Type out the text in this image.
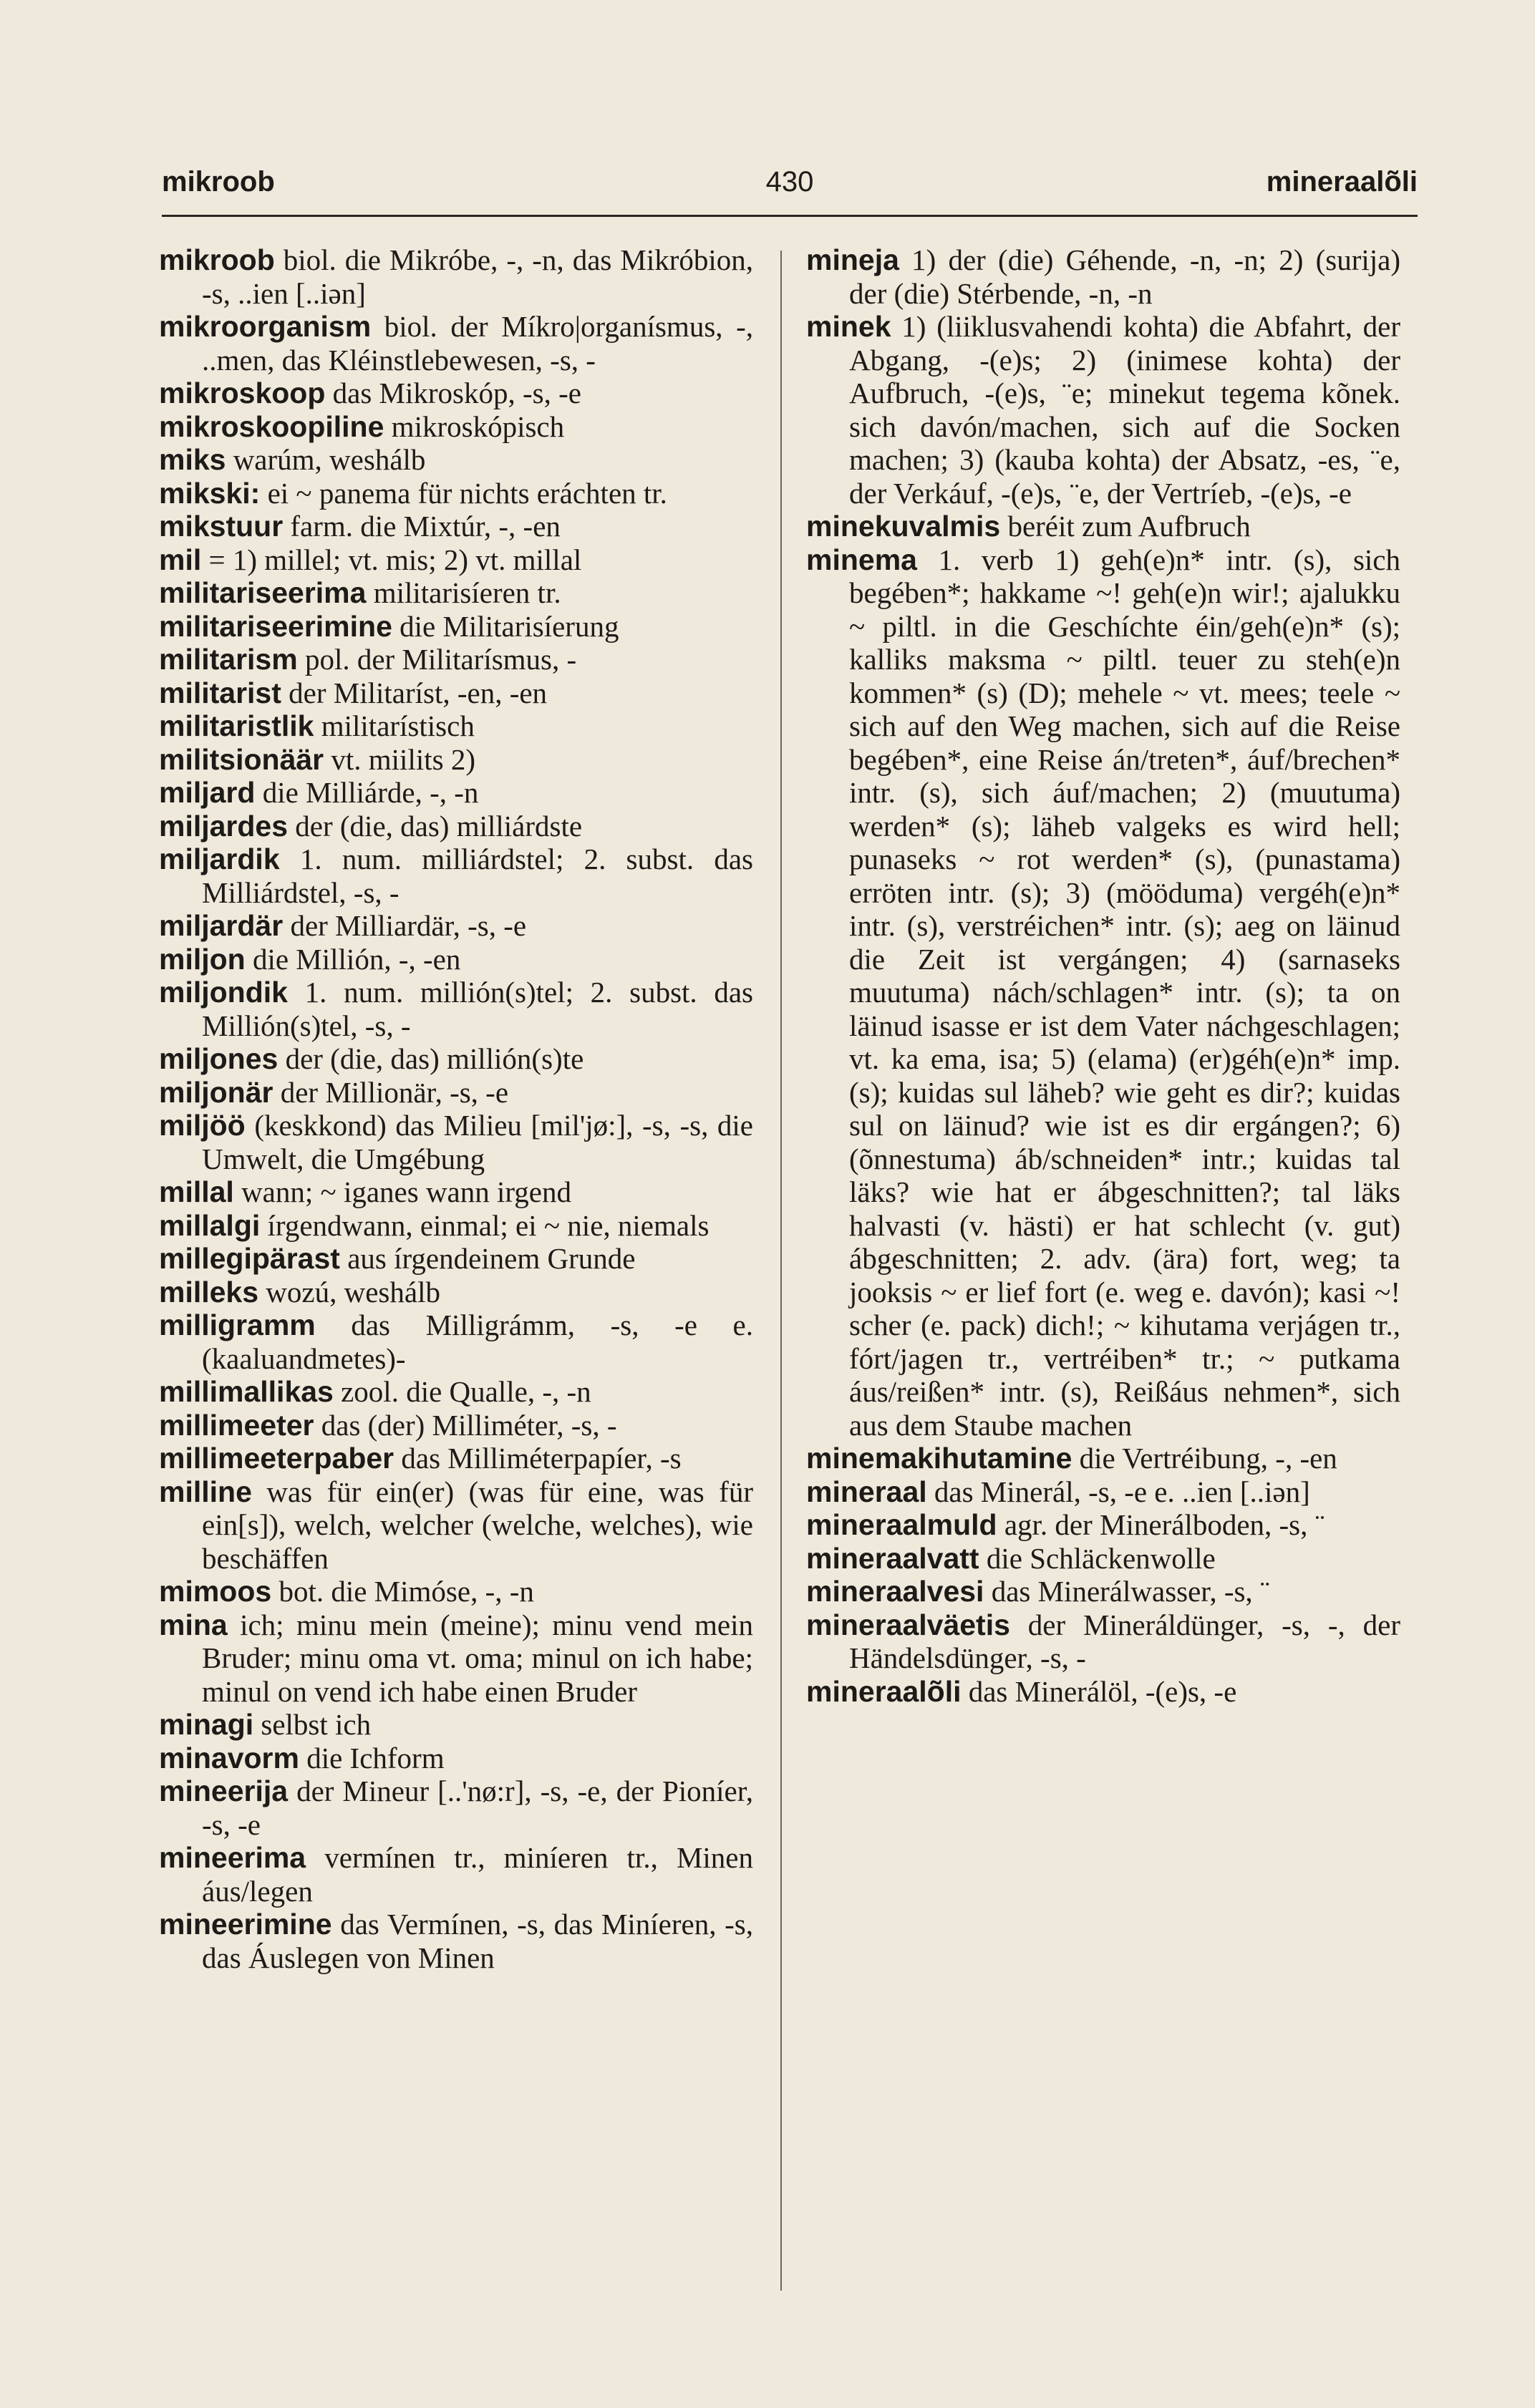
mikroob	430	mineraalõli

mikroob biol. die Mikróbe, -, -n, das Mikróbion, -s, ..ien [..iən]

mikroorganism biol. der Míkro|organísmus, -, ..men, das Kléinstlebewesen, -s, -

mikroskoop das Mikroskóp, -s, -e

mikroskoopiline mikroskópisch

miks warúm, weshálb

mikski: ei ~ panema für nichts eráchten tr.

mikstuur farm. die Mixtúr, -, -en

mil = 1) millel; vt. mis; 2) vt. millal

militariseerima militarisíeren tr.

militariseerimine die Militarisíerung

militarism pol. der Militarísmus, -

militarist der Militaríst, -en, -en

militaristlik militarístisch

militsionäär vt. miilits 2)

miljard die Milliárde, -, -n

miljardes der (die, das) milliárdste

miljardik 1. num. milliárdstel; 2. subst. das Milliárdstel, -s, -

miljardär der Milliardär, -s, -e

miljon die Millión, -, -en

miljondik 1. num. millión(s)tel; 2. subst. das Millión(s)tel, -s, -

miljones der (die, das) millión(s)te

miljonär der Millionär, -s, -e

miljöö (keskkond) das Milieu [mil'jø:], -s, -s, die Umwelt, die Umgébung

millal wann; ~ iganes wann irgend

millalgi írgendwann, einmal; ei ~ nie, niemals

millegipärast aus írgendeinem Grunde

milleks wozú, weshálb

milligramm das Milligrámm, -s, -e e. (kaaluandmetes)-

millimallikas zool. die Qualle, -, -n

millimeeter das (der) Milliméter, -s, -

millimeeterpaber das Milliméterpapíer, -s

milline was für ein(er) (was für eine, was für ein[s]), welch, welcher (welche, welches), wie beschäffen

mimoos bot. die Mimóse, -, -n

mina ich; minu mein (meine); minu vend mein Bruder; minu oma vt. oma; minul on ich habe; minul on vend ich habe einen Bruder

minagi selbst ich

minavorm die Ichform

mineerija der Mineur [..'nø:r], -s, -e, der Pioníer, -s, -e

mineerima vermínen tr., miníeren tr., Minen áus/legen

mineerimine das Vermínen, -s, das Miníeren, -s, das Áuslegen von Minen

mineja 1) der (die) Géhende, -n, -n; 2) (surija) der (die) Stérbende, -n, -n

minek 1) (liiklusvahendi kohta) die Abfahrt, der Abgang, -(e)s; 2) (inimese kohta) der Aufbruch, -(e)s, ¨e; minekut tegema kõnek. sich davón/machen, sich auf die Socken machen; 3) (kauba kohta) der Absatz, -es, ¨e, der Verkáuf, -(e)s, ¨e, der Vertríeb, -(e)s, -e

minekuvalmis beréit zum Aufbruch

minema 1. verb 1) geh(e)n* intr. (s), sich begében*; hakkame ~! geh(e)n wir!; ajalukku ~ piltl. in die Geschíchte éin/geh(e)n* (s); kalliks maksma ~ piltl. teuer zu steh(e)n kommen* (s) (D); mehele ~ vt. mees; teele ~ sich auf den Weg machen, sich auf die Reise begében*, eine Reise án/treten*, áuf/brechen* intr. (s), sich áuf/machen; 2) (muutuma) werden* (s); läheb valgeks es wird hell; punaseks ~ rot werden* (s), (punastama) erröten intr. (s); 3) (mööduma) vergéh(e)n* intr. (s), verstréichen* intr. (s); aeg on läinud die Zeit ist vergángen; 4) (sarnaseks muutuma) nách/schlagen* intr. (s); ta on läinud isasse er ist dem Vater náchgeschlagen; vt. ka ema, isa; 5) (elama) (er)géh(e)n* imp. (s); kuidas sul läheb? wie geht es dir?; kuidas sul on läinud? wie ist es dir ergángen?; 6) (õnnestuma) áb/schneiden* intr.; kuidas tal läks? wie hat er ábgeschnitten?; tal läks halvasti (v. hästi) er hat schlecht (v. gut) ábgeschnitten; 2. adv. (ära) fort, weg; ta jooksis ~ er lief fort (e. weg e. davón); kasi ~! scher (e. pack) dich!; ~ kihutama verjágen tr., fórt/jagen tr., vertréiben* tr.; ~ putkama áus/reißen* intr. (s), Reißáus nehmen*, sich aus dem Staube machen

minemakihutamine die Vertréibung, -, -en

mineraal das Minerál, -s, -e e. ..ien [..iən]

mineraalmuld agr. der Minerálboden, -s, ¨

mineraalvatt die Schläckenwolle

mineraalvesi das Minerálwasser, -s, ¨

mineraalväetis der Mineráldünger, -s, -, der Händelsdünger, -s, -

mineraalõli das Minerálöl, -(e)s, -e
